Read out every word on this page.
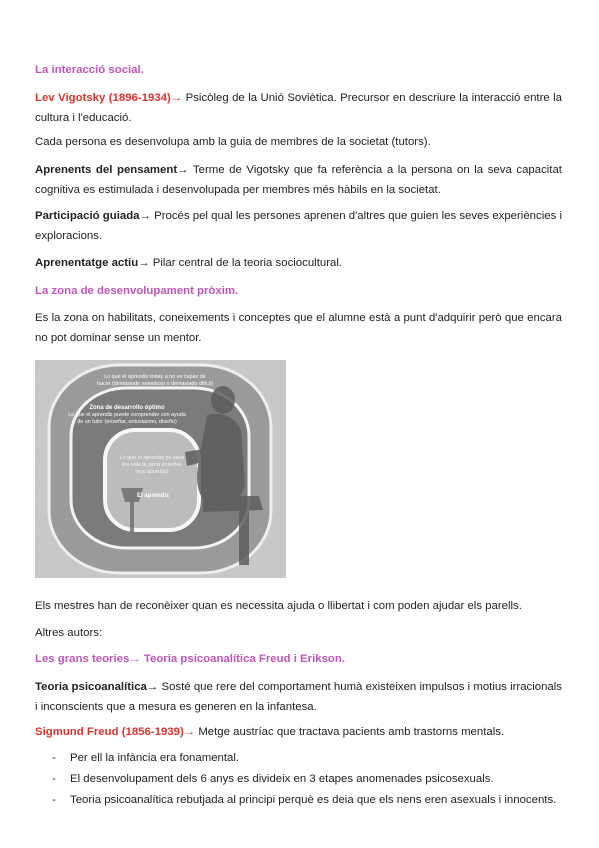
La interacció social.

Lev Vigotsky (1896-1934)→ Psicòleg de la Unió Soviètica. Precursor en descriure la interacció entre la cultura i l'educació.

Cada persona es desenvolupa amb la guia de membres de la societat (tutors).

Aprenents del pensament→ Terme de Vigotsky que fa referència a la persona on la seva capacitat cognitiva es estimulada i desenvolupada per membres més hàbils en la societat.

Participació guiada→ Procés pel qual les persones aprenen d'altres que guien les seves experiències i exploracions.

Aprenentatge actiu→ Pilar central de la teoria sociocultural.

La zona de desenvolupament pròxim.

Es la zona on habilitats, coneixements i conceptes que el alumne està a punt d'adquirir però que encara no pot dominar sense un mentor.

Lo que el aprendiz today a no es capaz de
hacer (demasiado novedoso o demasiado difícil)
Zona de desarrollo óptimo
Lo que el aprendiz puede comprender con ayuda
de un tutor (enseñar, entusiasmo, diseño)
Lo que el aprendiz ya sabe
(no vale la pena enseñar,
muy aburrido)
El aprendiz

Els mestres han de reconèixer quan es necessita ajuda o llibertat i com poden ajudar els parells.

Altres autors:

Les grans teories→ Teoria psicoanalítica Freud i Erikson.

Teoria psicoanalítica→ Sosté que rere del comportament humà existeixen impulsos i motius irracionals i inconscients que a mesura es generen en la infantesa.

Sigmund Freud (1856-1939)→ Metge austríac que tractava pacients amb trastorns mentals.

- Per ell la infància era fonamental.
- El desenvolupament dels 6 anys es divideix en 3 etapes anomenades psicosexuals.
- Teoria psicoanalítica rebutjada al principi perquè es deia que els nens eren asexuals i innocents.
